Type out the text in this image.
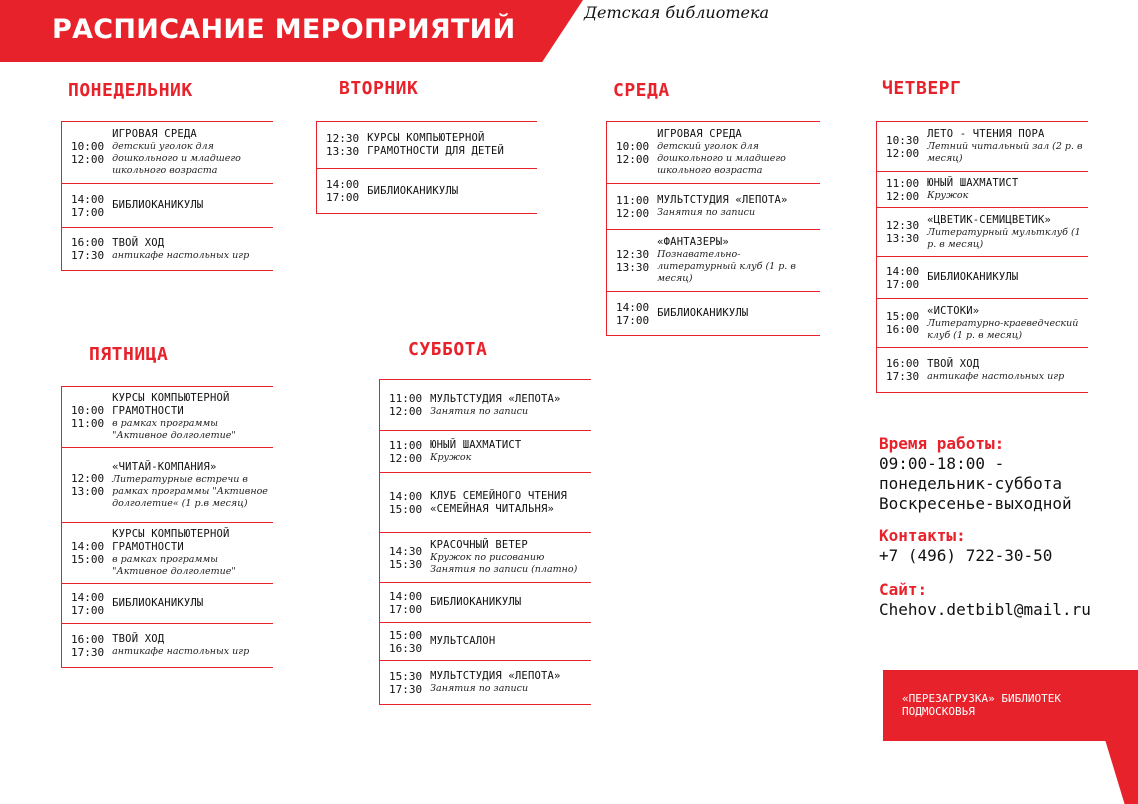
РАСПИСАНИЕ МЕРОПРИЯТИЙ
Детская библиотека
ПОНЕДЕЛЬНИК
10:00
12:00
ИГРОВАЯ СРЕДА
детский уголок для дошкольного и младшего школьного возраста
14:00
17:00
БИБЛИОКАНИКУЛЫ
16:00
17:30
ТВОЙ ХОД
антикафе настольных игр
ВТОРНИК
12:30
13:30
КУРСЫ КОМПЬЮТЕРНОЙ ГРАМОТНОСТИ ДЛЯ ДЕТЕЙ
14:00
17:00
БИБЛИОКАНИКУЛЫ
СРЕДА
10:00
12:00
ИГРОВАЯ СРЕДА
детский уголок для дошкольного и младшего школьного возраста
11:00
12:00
МУЛЬТСТУДИЯ «ЛЕПОТА»
Занятия по записи
12:30
13:30
«ФАНТАЗЕРЫ»
Познавательно-литературный клуб (1 р. в месяц)
14:00
17:00
БИБЛИОКАНИКУЛЫ
ЧЕТВЕРГ
10:30
12:00
ЛЕТО - ЧТЕНИЯ ПОРА
Летний читальный зал (2 р. в месяц)
11:00
12:00
ЮНЫЙ ШАХМАТИСТ
Кружок
12:30
13:30
«ЦВЕТИК-СЕМИЦВЕТИК»
Литературный мультклуб (1 р. в месяц)
14:00
17:00
БИБЛИОКАНИКУЛЫ
15:00
16:00
«ИСТОКИ»
Литературно-краеведческий клуб (1 р. в месяц)
16:00
17:30
ТВОЙ ХОД
антикафе настольных игр
ПЯТНИЦА
10:00
11:00
КУРСЫ КОМПЬЮТЕРНОЙ ГРАМОТНОСТИ
в рамках программы "Активное долголетие"
12:00
13:00
«ЧИТАЙ-КОМПАНИЯ»
Литературные встречи в рамках программы "Активное долголетие« (1 р.в месяц)
14:00
15:00
КУРСЫ КОМПЬЮТЕРНОЙ ГРАМОТНОСТИ
в рамках программы "Активное долголетие"
14:00
17:00
БИБЛИОКАНИКУЛЫ
16:00
17:30
ТВОЙ ХОД
антикафе настольных игр
СУББОТА
11:00
12:00
МУЛЬТСТУДИЯ «ЛЕПОТА»
Занятия по записи
11:00
12:00
ЮНЫЙ ШАХМАТИСТ
Кружок
14:00
15:00
КЛУБ СЕМЕЙНОГО ЧТЕНИЯ «СЕМЕЙНАЯ ЧИТАЛЬНЯ»
14:30
15:30
КРАСОЧНЫЙ ВЕТЕР
Кружок по рисованию Занятия по записи (платно)
14:00
17:00
БИБЛИОКАНИКУЛЫ
15:00
16:30
МУЛЬТСАЛОН
15:30
17:30
МУЛЬТСТУДИЯ «ЛЕПОТА»
Занятия по записи
Время работы:
09:00-18:00 -
понедельник-суббота
Воскресенье-выходной
Контакты:
+7 (496) 722-30-50
Сайт:
Chehov.detbibl@mail.ru
«ПЕРЕЗАГРУЗКА» БИБЛИОТЕК
ПОДМОСКОВЬЯ
